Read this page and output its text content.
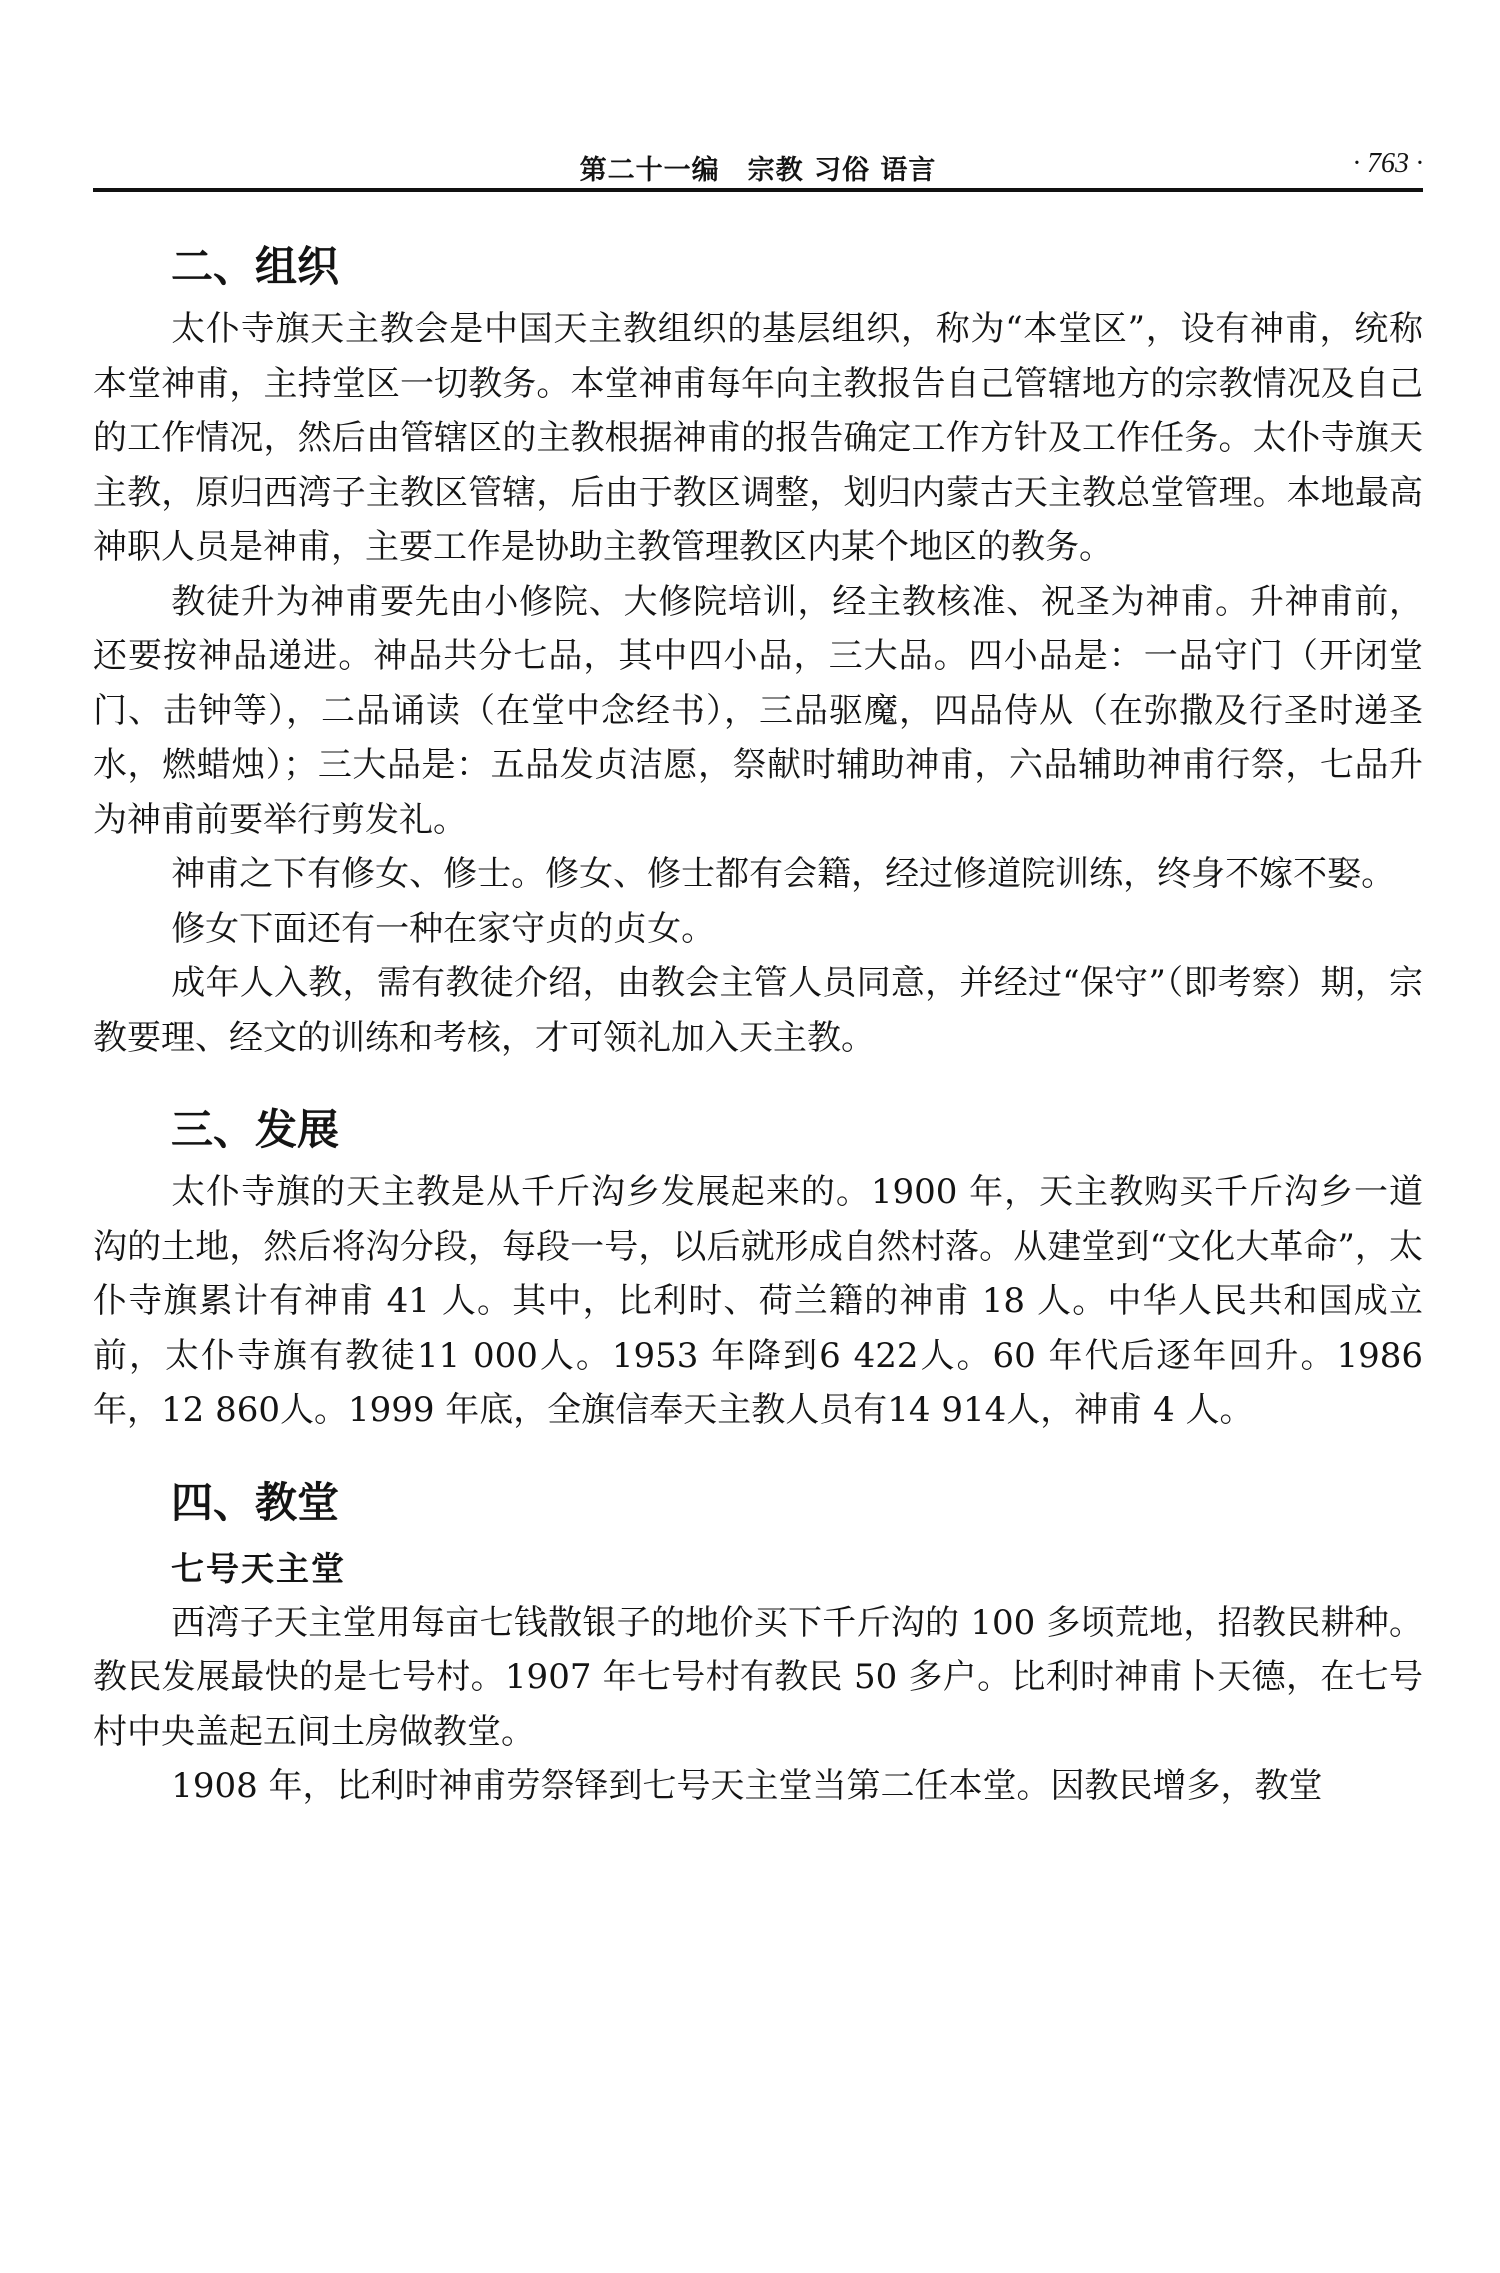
第二十一编　宗教 习俗 语言	· 763 ·
二、组织

太仆寺旗天主教会是中国天主教组织的基层组织，称为“本堂区”，设有神甫，统称本堂神甫，主持堂区一切教务。本堂神甫每年向主教报告自己管辖地方的宗教情况及自己的工作情况，然后由管辖区的主教根据神甫的报告确定工作方针及工作任务。太仆寺旗天主教，原归西湾子主教区管辖，后由于教区调整，划归内蒙古天主教总堂管理。本地最高神职人员是神甫，主要工作是协助主教管理教区内某个地区的教务。

教徒升为神甫要先由小修院、大修院培训，经主教核准、祝圣为神甫。升神甫前，还要按神品递进。神品共分七品，其中四小品，三大品。四小品是：一品守门（开闭堂门、击钟等），二品诵读（在堂中念经书），三品驱魔，四品侍从（在弥撒及行圣时递圣水，燃蜡烛）；三大品是：五品发贞洁愿，祭献时辅助神甫，六品辅助神甫行祭，七品升为神甫前要举行剪发礼。

神甫之下有修女、修士。修女、修士都有会籍，经过修道院训练，终身不嫁不娶。

修女下面还有一种在家守贞的贞女。

成年人入教，需有教徒介绍，由教会主管人员同意，并经过“保守”（即考察）期，宗教要理、经文的训练和考核，才可领礼加入天主教。

三、发展

太仆寺旗的天主教是从千斤沟乡发展起来的。1900 年，天主教购买千斤沟乡一道沟的土地，然后将沟分段，每段一号，以后就形成自然村落。从建堂到“文化大革命”，太仆寺旗累计有神甫 41 人。其中，比利时、荷兰籍的神甫 18 人。中华人民共和国成立前，太仆寺旗有教徒11 000人。1953 年降到6 422人。60 年代后逐年回升。1986 年，12 860人。1999 年底，全旗信奉天主教人员有14 914人，神甫 4 人。

四、教堂
七号天主堂

西湾子天主堂用每亩七钱散银子的地价买下千斤沟的 100 多顷荒地，招教民耕种。教民发展最快的是七号村。1907 年七号村有教民 50 多户。比利时神甫卜天德，在七号村中央盖起五间土房做教堂。

1908 年，比利时神甫劳祭铎到七号天主堂当第二任本堂。因教民增多，教堂
